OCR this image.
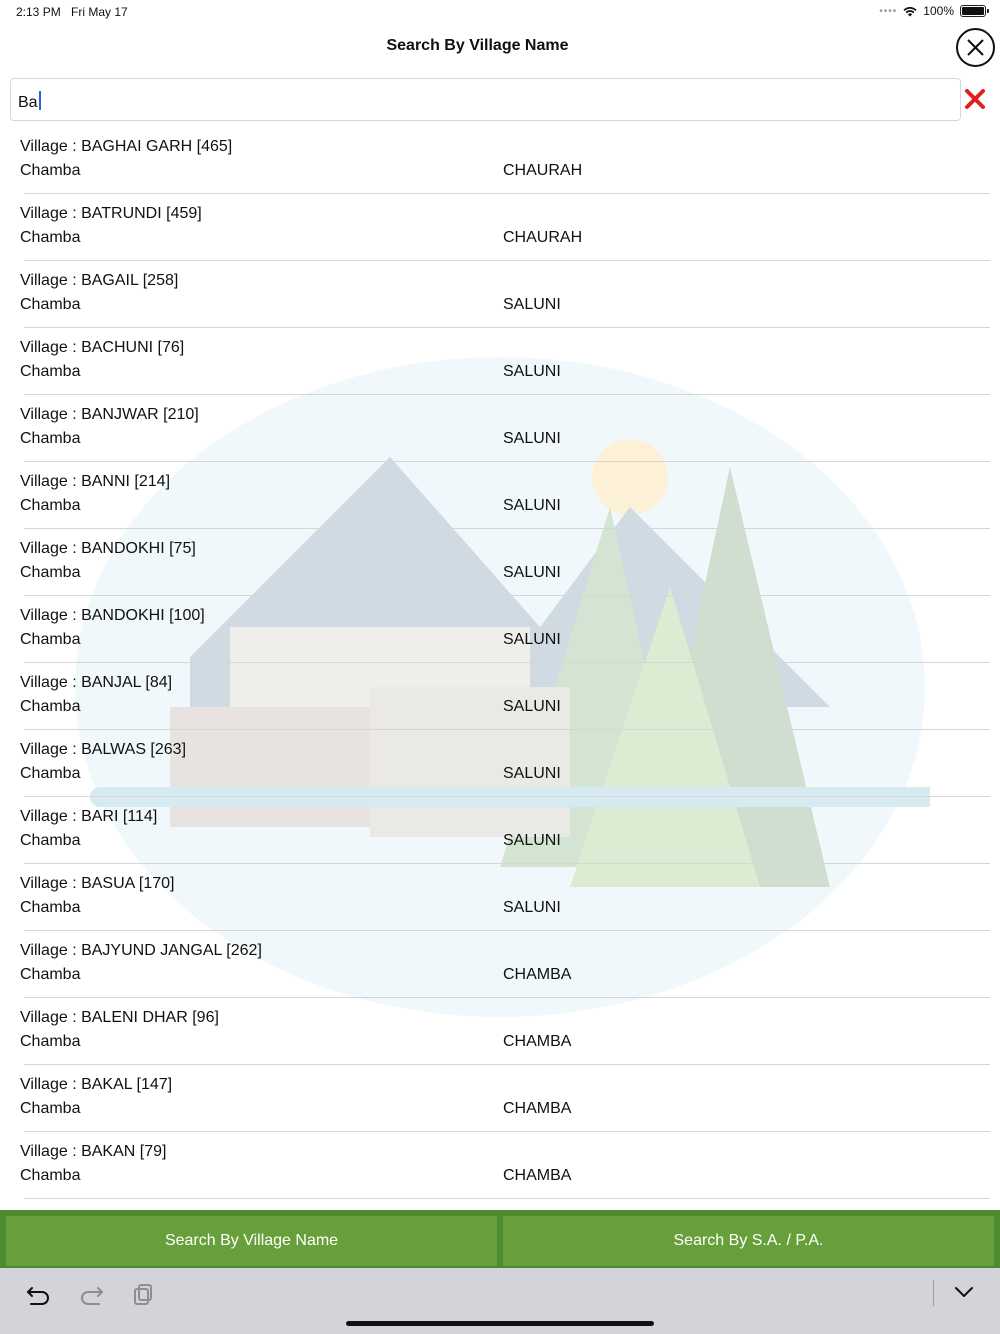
2:13 PM Fri May 17	•••• 100%
Search By Village Name
Ba
Village : BAGHAI GARH [465]
Chamba	CHAURAH
Village : BATRUNDI [459]
Chamba	CHAURAH
Village : BAGAIL [258]
Chamba	SALUNI
Village : BACHUNI [76]
Chamba	SALUNI
Village : BANJWAR [210]
Chamba	SALUNI
Village : BANNI [214]
Chamba	SALUNI
Village : BANDOKHI [75]
Chamba	SALUNI
Village : BANDOKHI [100]
Chamba	SALUNI
Village : BANJAL [84]
Chamba	SALUNI
Village : BALWAS [263]
Chamba	SALUNI
Village : BARI [114]
Chamba	SALUNI
Village : BASUA [170]
Chamba	SALUNI
Village : BAJYUND JANGAL [262]
Chamba	CHAMBA
Village : BALENI DHAR [96]
Chamba	CHAMBA
Village : BAKAL [147]
Chamba	CHAMBA
Village : BAKAN [79]
Chamba	CHAMBA
Search By Village Name	Search By S.A. / P.A.
